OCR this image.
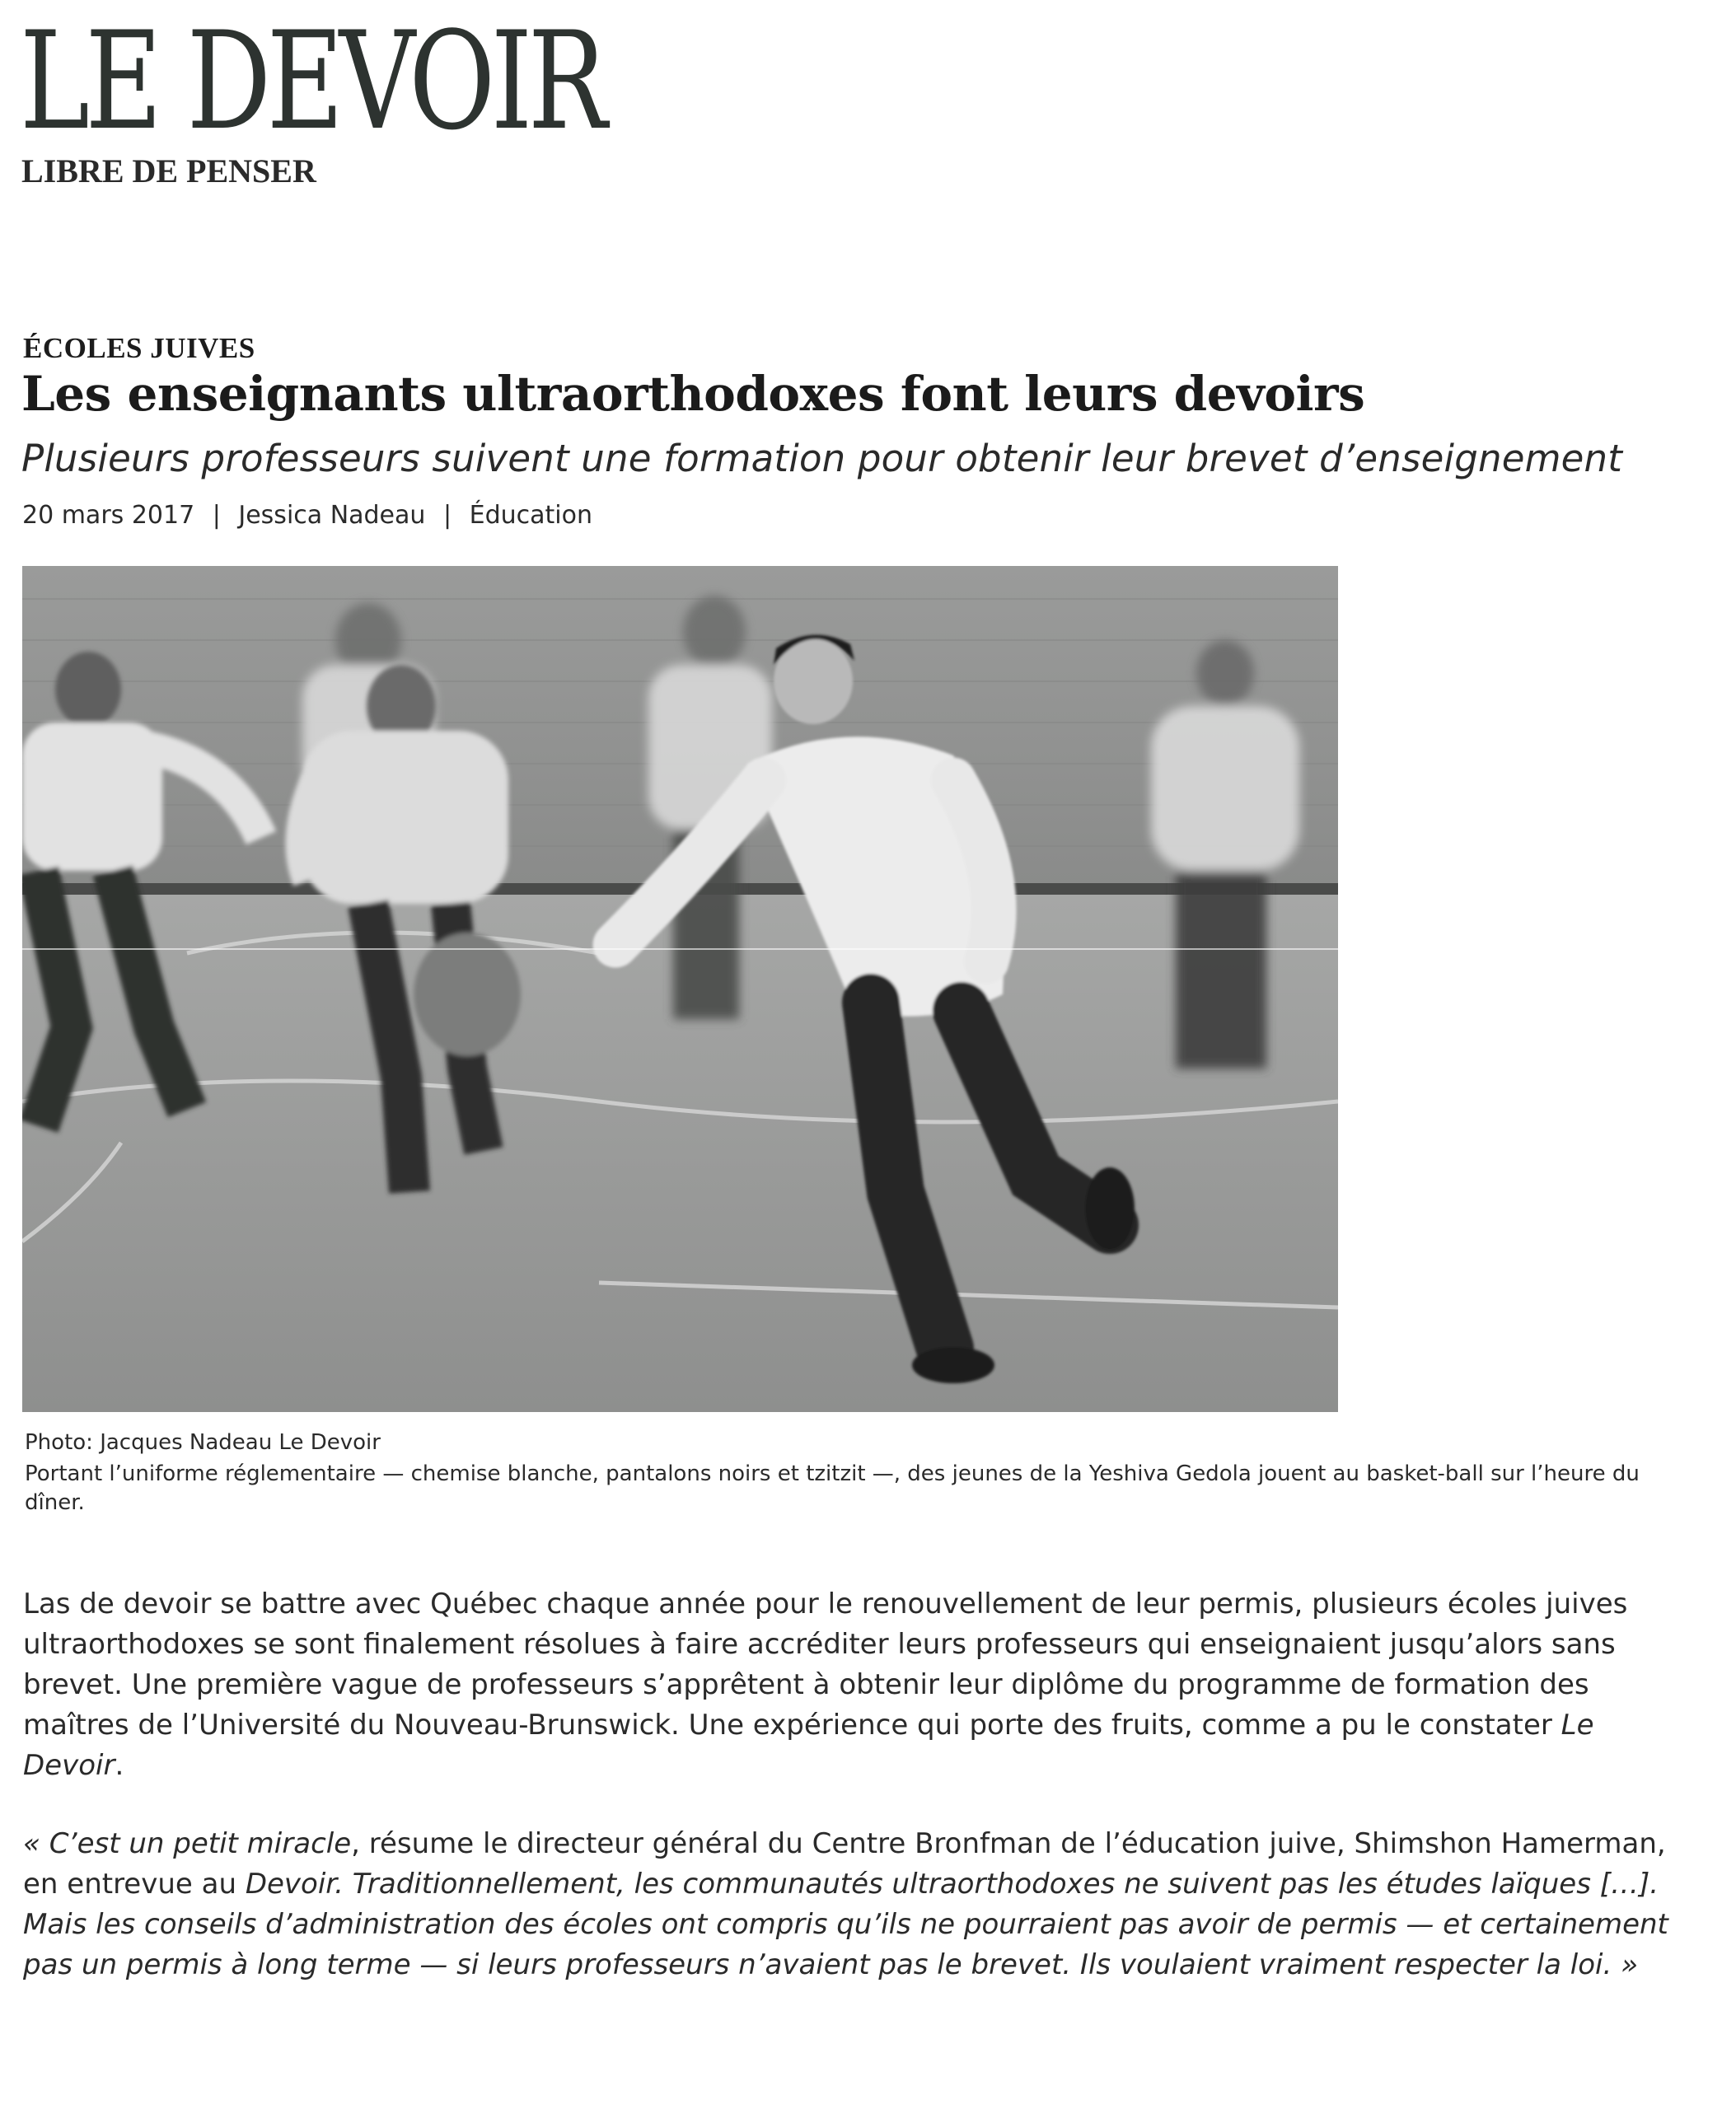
LE DEVOIR
LIBRE DE PENSER
ÉCOLES JUIVES
Les enseignants ultraorthodoxes font leurs devoirs
Plusieurs professeurs suivent une formation pour obtenir leur brevet d’enseignement
20 mars 2017 | Jessica Nadeau | Éducation
Photo: Jacques Nadeau Le Devoir
Portant l’uniforme réglementaire — chemise blanche, pantalons noirs et tzitzit —, des jeunes de la Yeshiva Gedola jouent au basket-ball sur l’heure du dîner.

Las de devoir se battre avec Québec chaque année pour le renouvellement de leur permis, plusieurs écoles juives ultraorthodoxes se sont finalement résolues à faire accréditer leurs professeurs qui enseignaient jusqu’alors sans brevet. Une première vague de professeurs s’apprêtent à obtenir leur diplôme du programme de formation des maîtres de l’Université du Nouveau-Brunswick. Une expérience qui porte des fruits, comme a pu le constater Le Devoir.

« C’est un petit miracle, résume le directeur général du Centre Bronfman de l’éducation juive, Shimshon Hamerman, en entrevue au Devoir. Traditionnellement, les communautés ultraorthodoxes ne suivent pas les études laïques […]. Mais les conseils d’administration des écoles ont compris qu’ils ne pourraient pas avoir de permis — et certainement pas un permis à long terme — si leurs professeurs n’avaient pas le brevet. Ils voulaient vraiment respecter la loi. »
